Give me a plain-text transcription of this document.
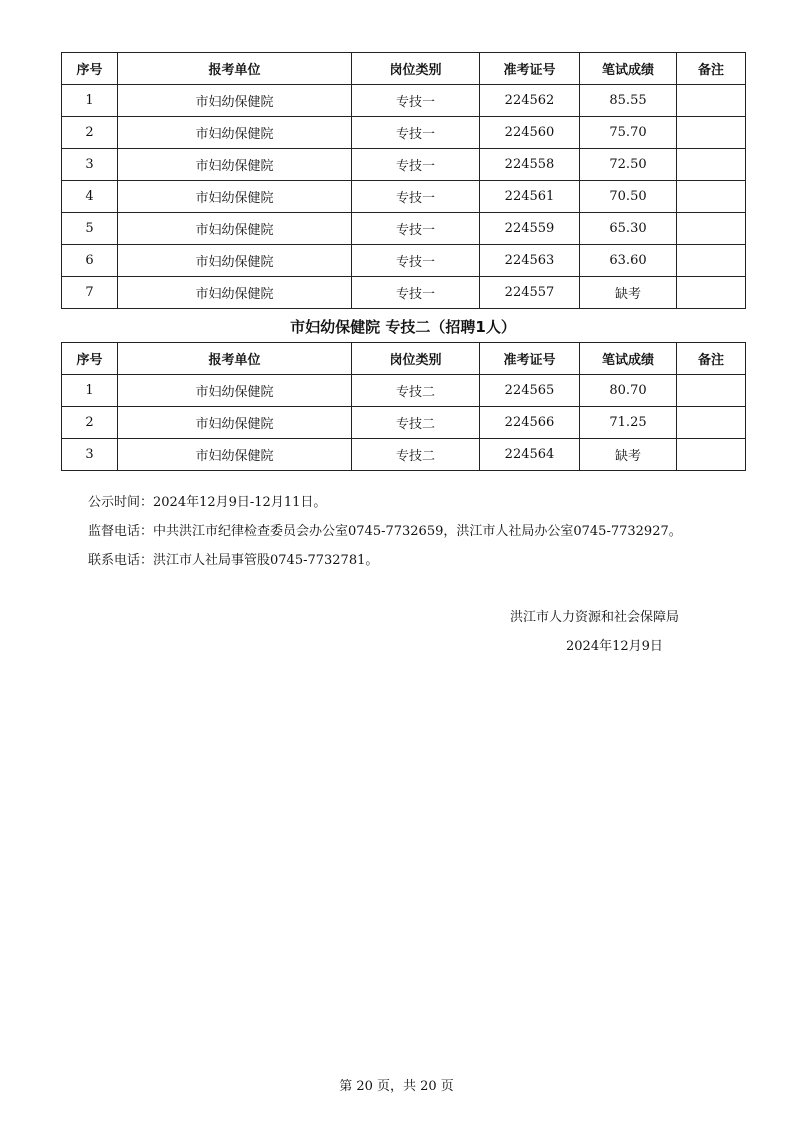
序号	报考单位	岗位类别	准考证号	笔试成绩	备注
1	市妇幼保健院	专技一	224562	85.55	
2	市妇幼保健院	专技一	224560	75.70	
3	市妇幼保健院	专技一	224558	72.50	
4	市妇幼保健院	专技一	224561	70.50	
5	市妇幼保健院	专技一	224559	65.30	
6	市妇幼保健院	专技一	224563	63.60	
7	市妇幼保健院	专技一	224557	缺考	
市妇幼保健院 专技二（招聘1人）
序号	报考单位	岗位类别	准考证号	笔试成绩	备注
1	市妇幼保健院	专技二	224565	80.70	
2	市妇幼保健院	专技二	224566	71.25	
3	市妇幼保健院	专技二	224564	缺考	

公示时间：2024年12月9日-12月11日。

监督电话：中共洪江市纪律检查委员会办公室0745-7732659，洪江市人社局办公室0745-7732927。

联系电话：洪江市人社局事管股0745-7732781。

洪江市人力资源和社会保障局

2024年12月9日

第 20 页，共 20 页
